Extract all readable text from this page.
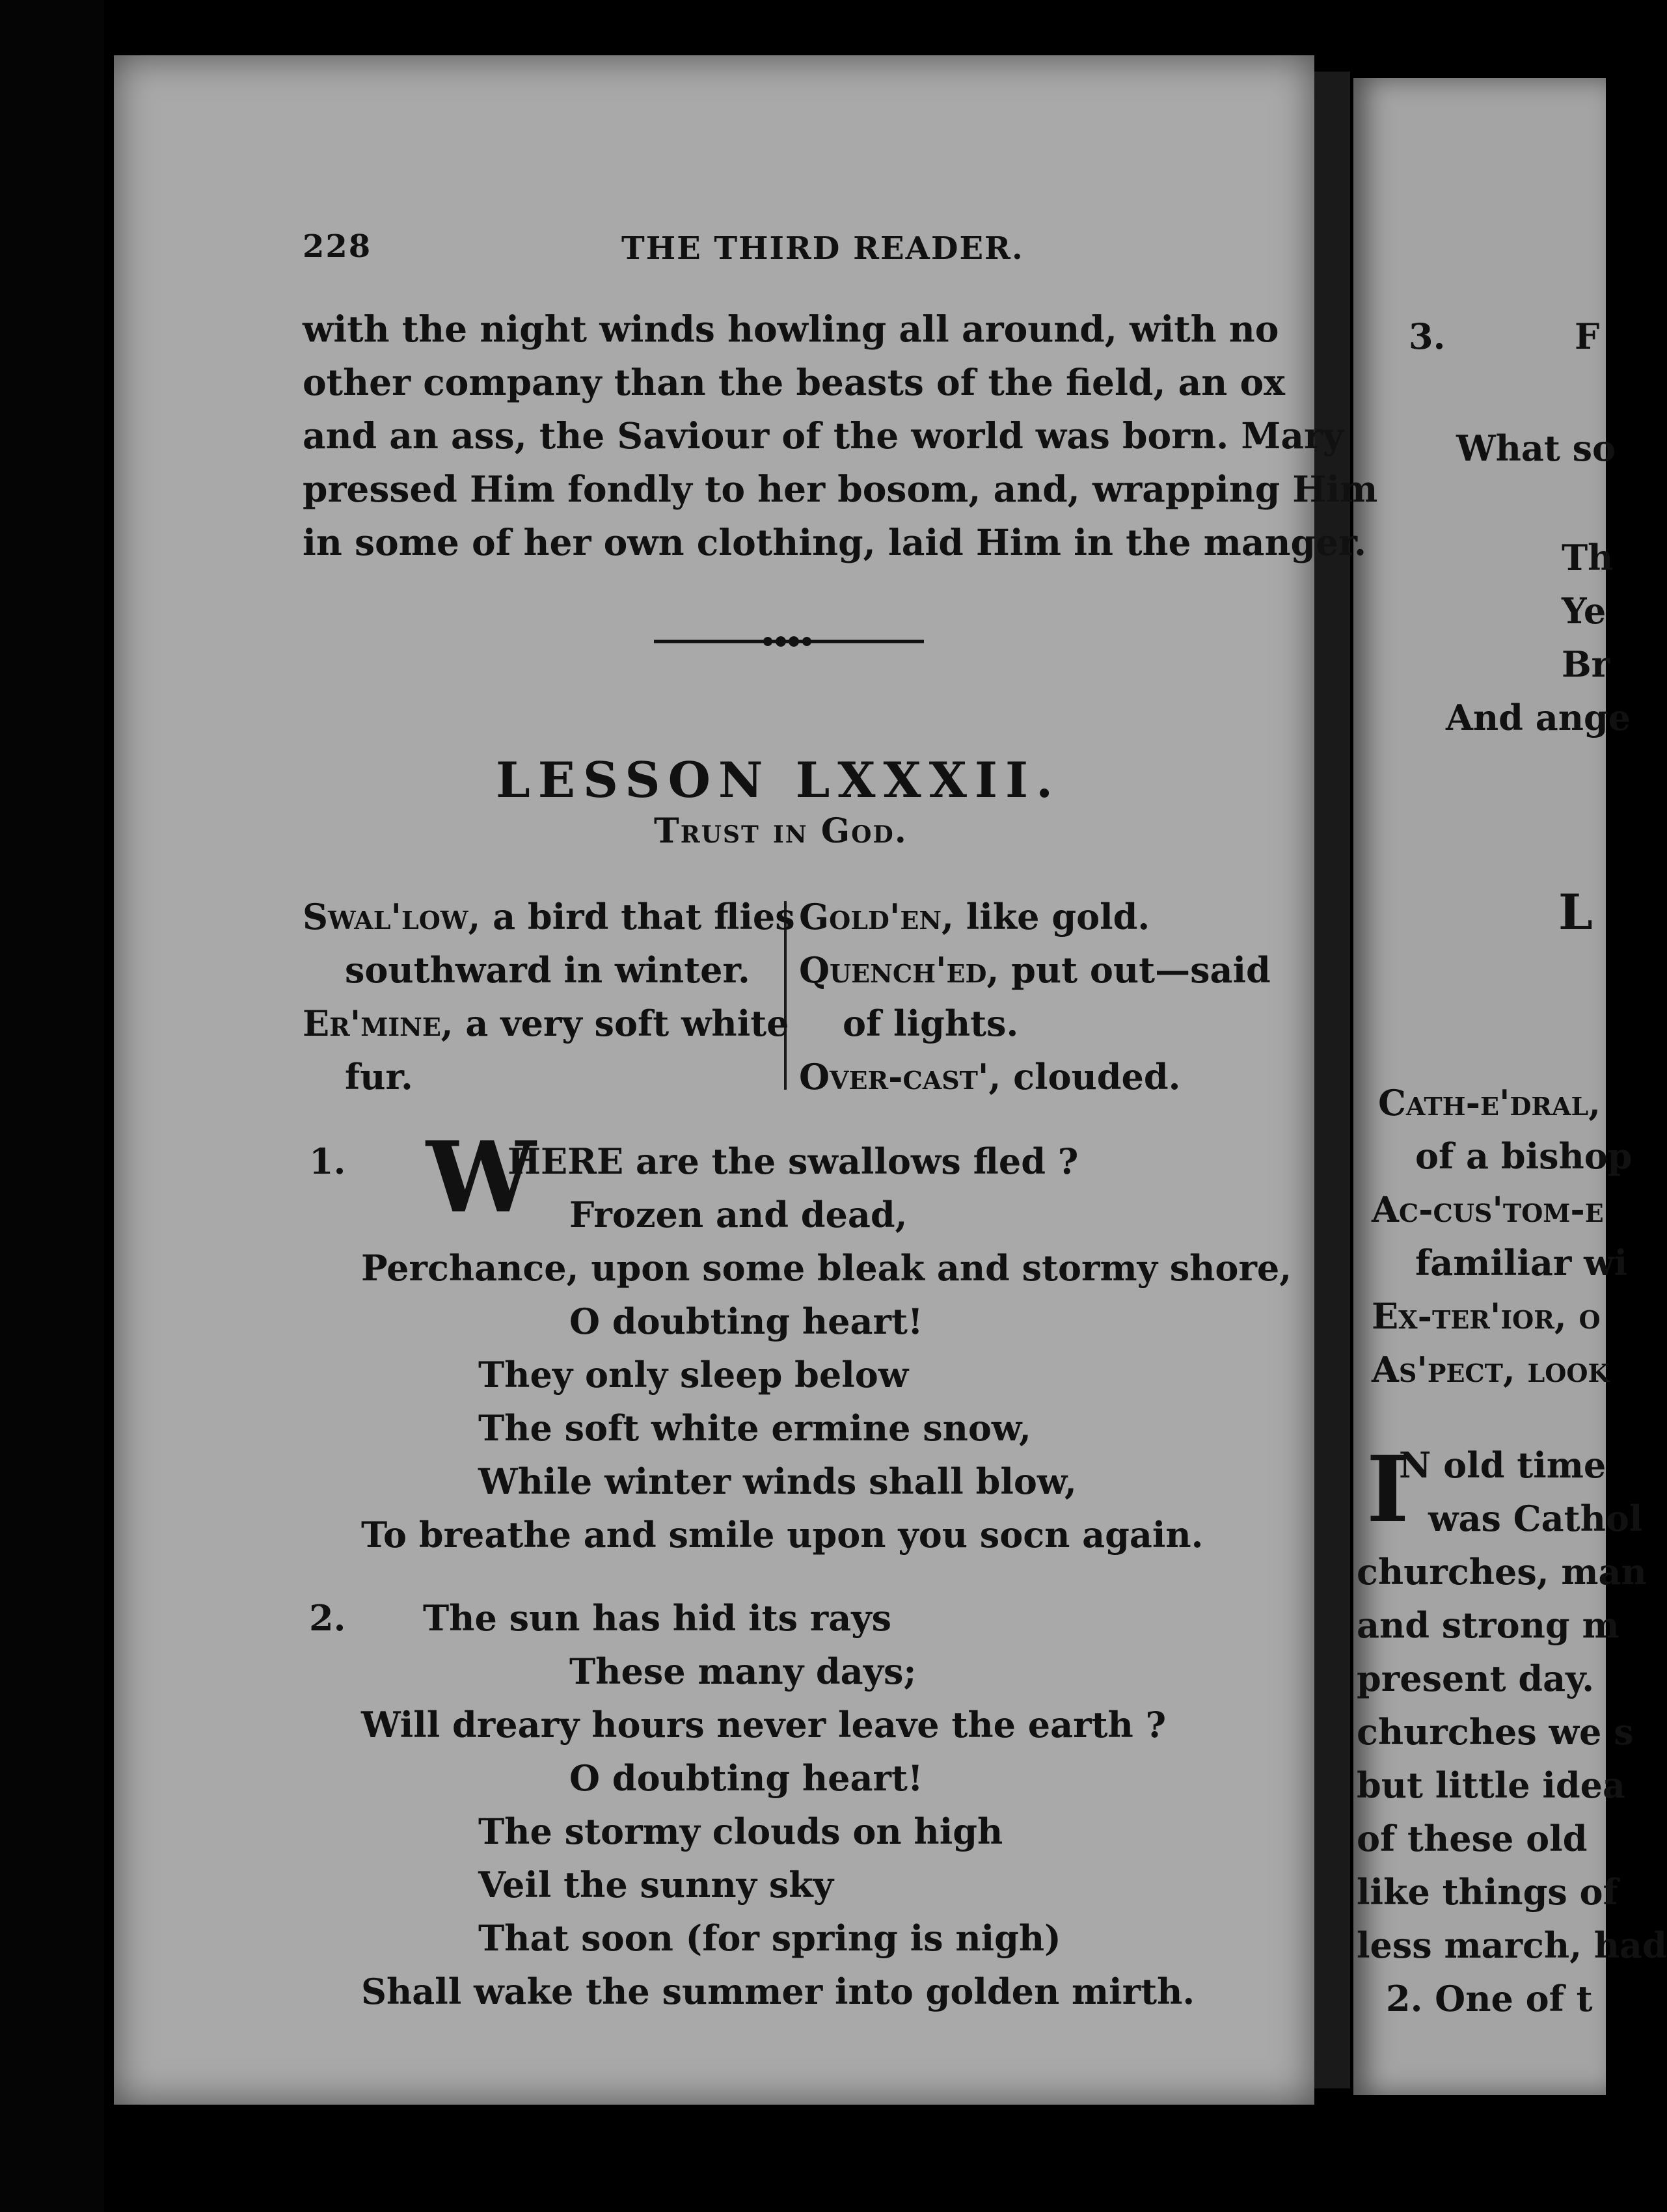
228	THE THIRD READER.
with the night winds howling all around, with no
other company than the beasts of the field, an ox
and an ass, the Saviour of the world was born. Mary
pressed Him fondly to her bosom, and, wrapping Him
in some of her own clothing, laid Him in the manger.
LESSON LXXXII.
Trust in God.
Swal'low, a bird that flies
southward in winter.
Er'mine, a very soft white
fur.
Gold'en, like gold.
Quench'ed, put out—said
of lights.
Over-cast', clouded.
1. W
HERE are the swallows fled ?
Frozen and dead,
Perchance, upon some bleak and stormy shore,
O doubting heart!
They only sleep below
The soft white ermine snow,
While winter winds shall blow,
To breathe and smile upon you socn again.
2. The sun has hid its rays
These many days;
Will dreary hours never leave the earth ?
O doubting heart!
The stormy clouds on high
Veil the sunny sky
That soon (for spring is nigh)
Shall wake the summer into golden mirth.
3.	F
What so
Th
Ye
Br
And ange
L
Cath-e'dral,
of a bishop
Ac-cus'tom-e
familiar wi
Ex-ter'ior, o
As'pect, look
I
N old time
was Cathol
churches, man
and strong m
present day.
churches we s
but little idea
of these old
like things of
less march, had
2. One of t
